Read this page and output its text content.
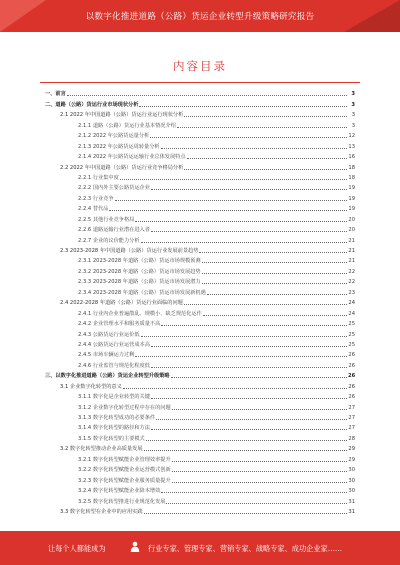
以数字化推进道路（公路）货运企业转型升级策略研究报告
内容目录
一、前言	3
二、道路（公路）货运行业市场现状分析	3
2.1 2022 年中国道路（公路）货运行业运行现状分析	3
2.1.1 道路（公路）货运行业基本情况介绍	3
2.1.2 2022 年公路货运量分析	12
2.1.3 2022 年公路货运周转量分析	13
2.1.4 2022 年公路货运运输行业总体发展特点	16
2.2 2022 年中国道路（公路）货运行业竞争格局分析	18
2.2.1 行业集中度	18
2.2.2 国内外主要公路货运企业	19
2.2.3 行业竞争	19
2.2.4 替代品	19
2.2.5 其他行业竞争格局	20
2.2.6 道路运输行业潜在进入者	20
2.2.7 企业的议价能力分析	21
2.3 2023-2028 年中国道路（公路）货运行业发展前景趋势	21
2.3.1 2023-2028 年道路（公路）货运市场规模预测	21
2.3.2 2023-2028 年道路（公路）货运市场发展趋势	22
2.3.3 2023-2028 年道路（公路）货运市场发展潜力	22
2.3.4 2023-2028 年道路（公路）货运市场发展新机遇	23
2.4 2022-2028 年道路（公路）货运行业面临的问题	24
2.4.1 行业内企业普遍散乱、规模小、缺乏规范化运作	24
2.4.2 企业管理水平和服务质量不高	25
2.4.3 公路货运行业运价低	25
2.4.4 公路货运行业运营成本高	25
2.4.5 市场车辆运力过剩	26
2.4.6 行业监管与规范化程度低	26
三、以数字化推进道路（公路）货运企业转型升级策略	26
3.1 企业数字化转型的意义	26
3.1.1 数字化是企业转型的关键	26
3.1.2 企业数字化转型过程中存在的问题	27
3.1.3 数字化转型成功的必要条件	27
3.1.4 数字化转型的路径和方法	27
3.1.5 数字化转型的主要模式	28
3.2 数字化转型推动企业高质量发展	29
3.2.1 数字化转型赋能企业管理效率提升	29
3.2.2 数字化转型赋能企业运营模式创新	30
3.2.3 数字化转型赋能企业服务质量提升	30
3.2.4 数字化转型赋能企业降本增效	30
3.2.5 数字化转型推进行业规范化发展	31
3.3 数字化转型在企业中的应用实践	31
让每个人都能成为	行业专家、管理专家、营销专家、战略专家、成功企业家……
